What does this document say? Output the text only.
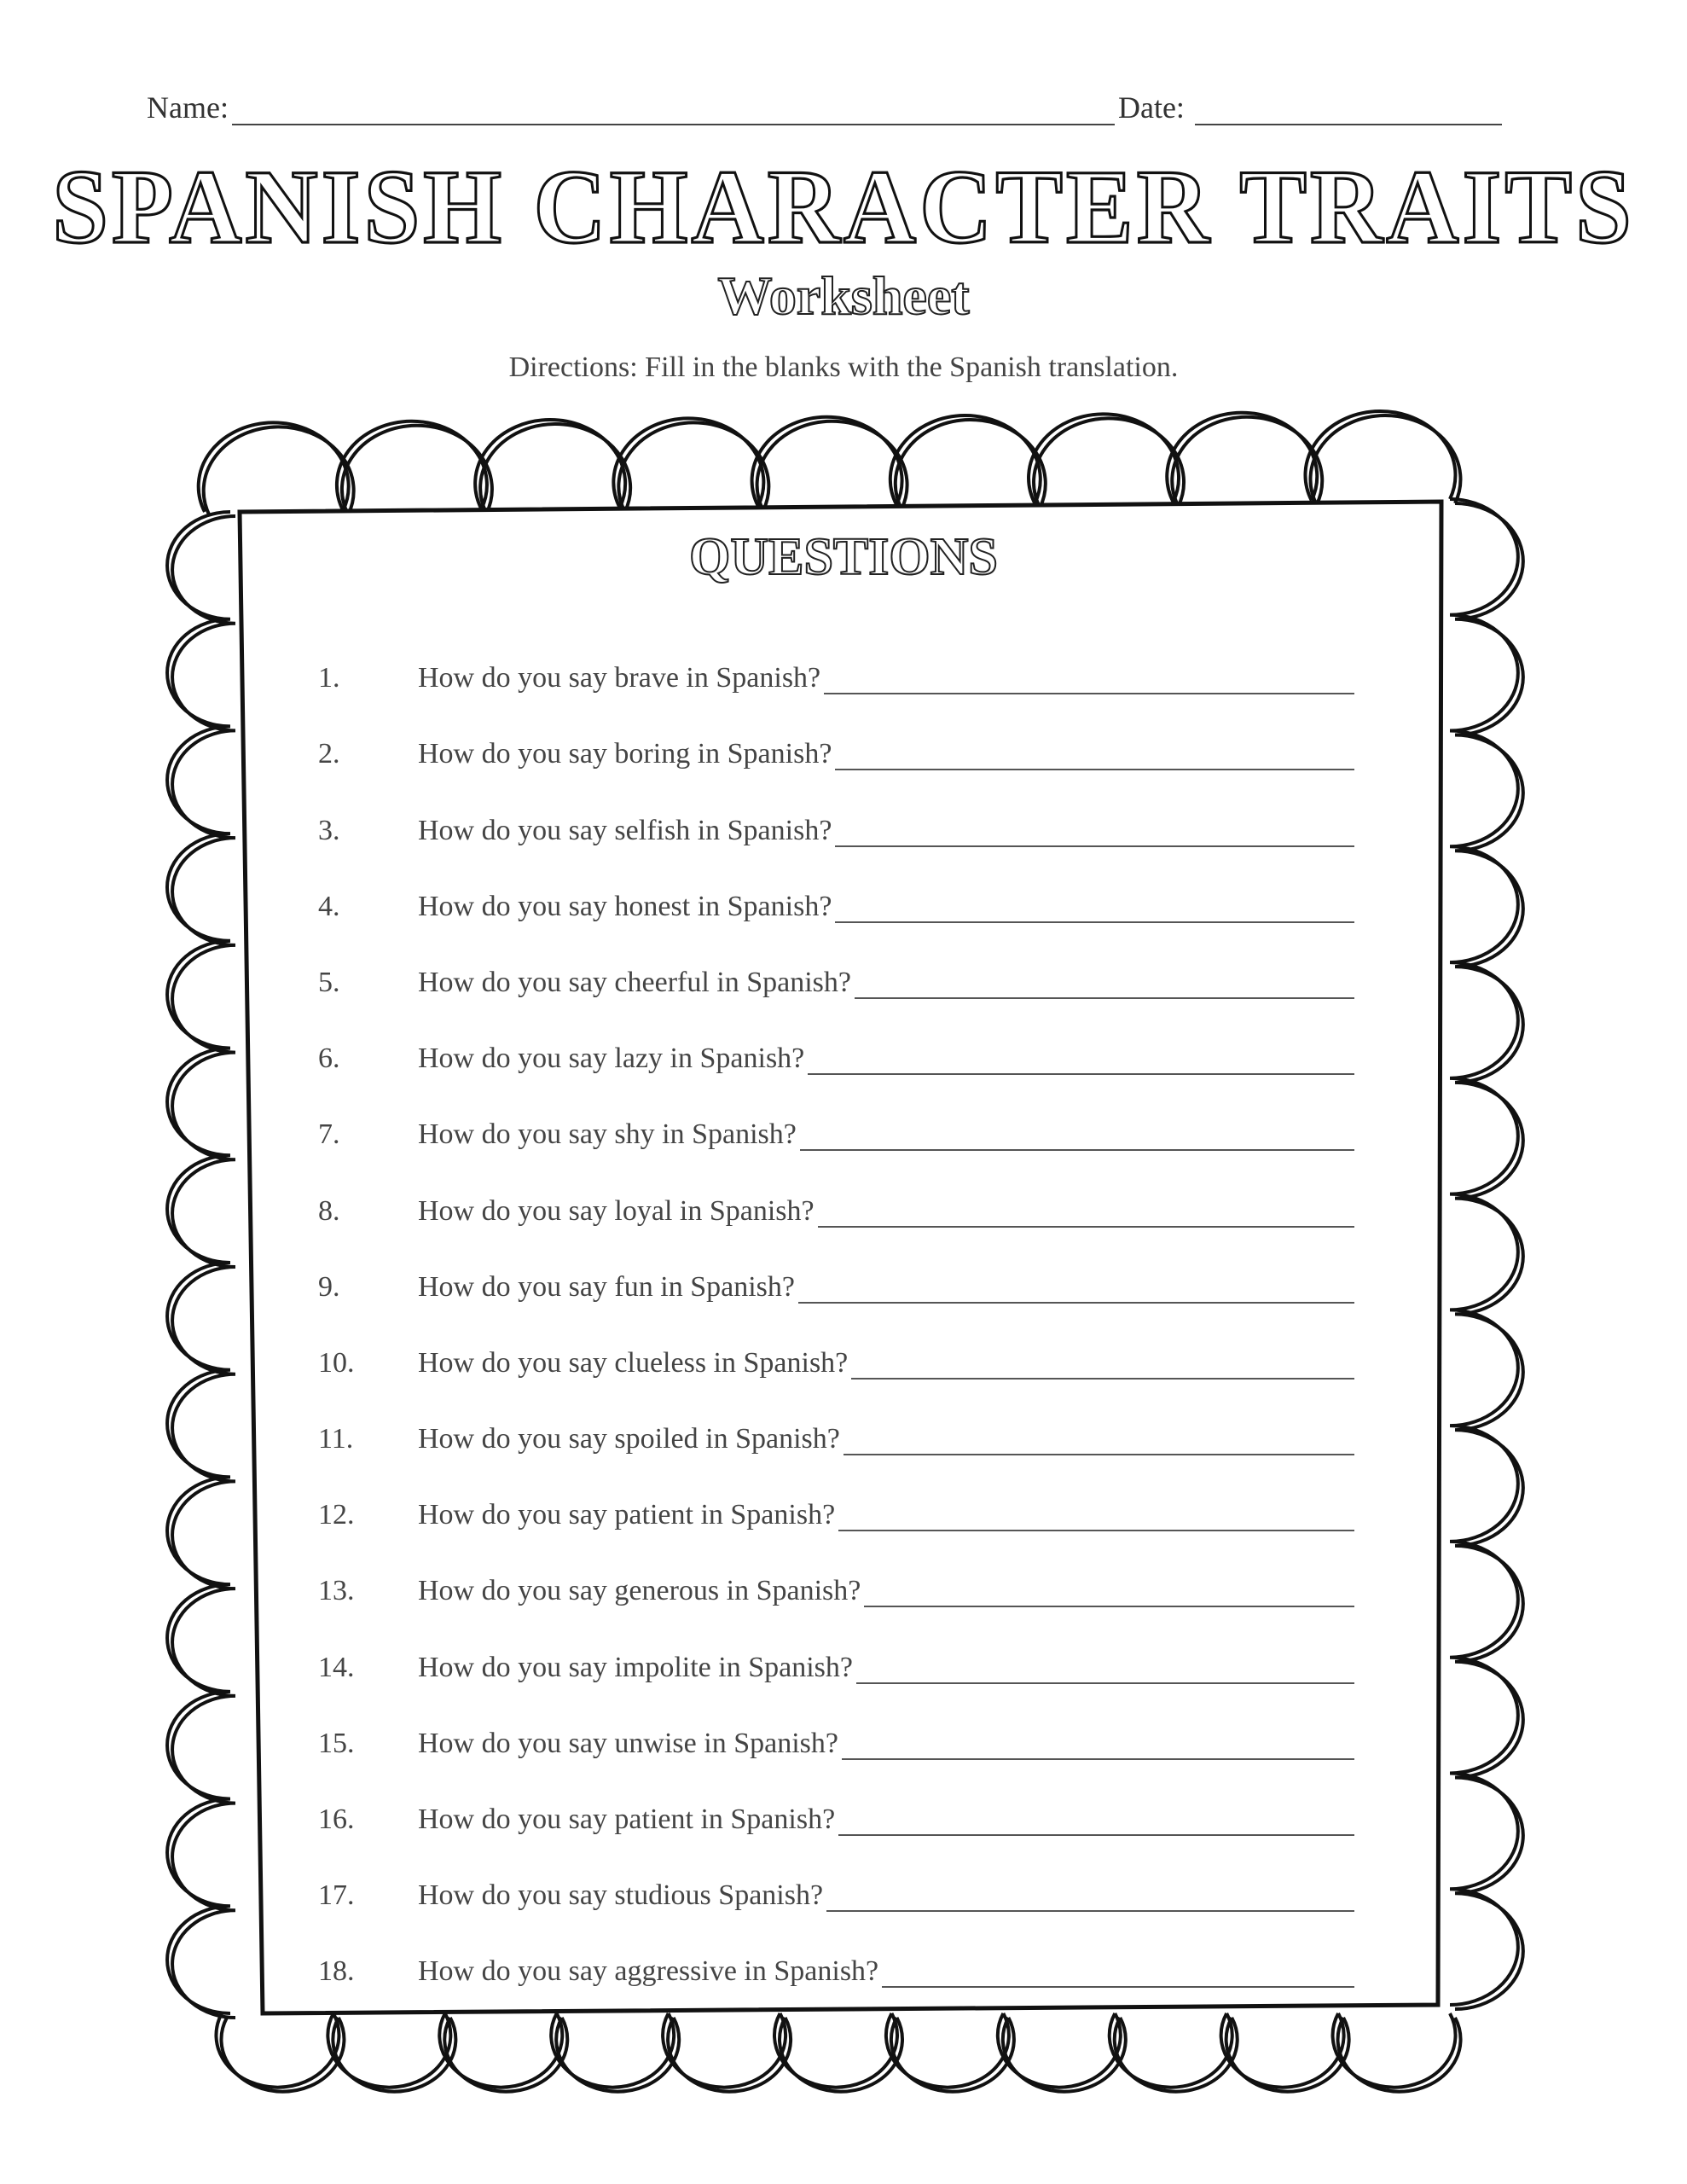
Name:	Date:
SPANISH CHARACTER TRAITS
Worksheet
Directions: Fill in the blanks with the Spanish translation.
QUESTIONS
1.	How do you say brave in Spanish?
2.	How do you say boring in Spanish?
3.	How do you say selfish in Spanish?
4.	How do you say honest in Spanish?
5.	How do you say cheerful in Spanish?
6.	How do you say lazy in Spanish?
7.	How do you say shy in Spanish?
8.	How do you say loyal in Spanish?
9.	How do you say fun in Spanish?
10.	How do you say clueless in Spanish?
11.	How do you say spoiled in Spanish?
12.	How do you say patient in Spanish?
13.	How do you say generous in Spanish?
14.	How do you say impolite in Spanish?
15.	How do you say unwise in Spanish?
16.	How do you say patient in Spanish?
17.	How do you say studious Spanish?
18.	How do you say aggressive in Spanish?
